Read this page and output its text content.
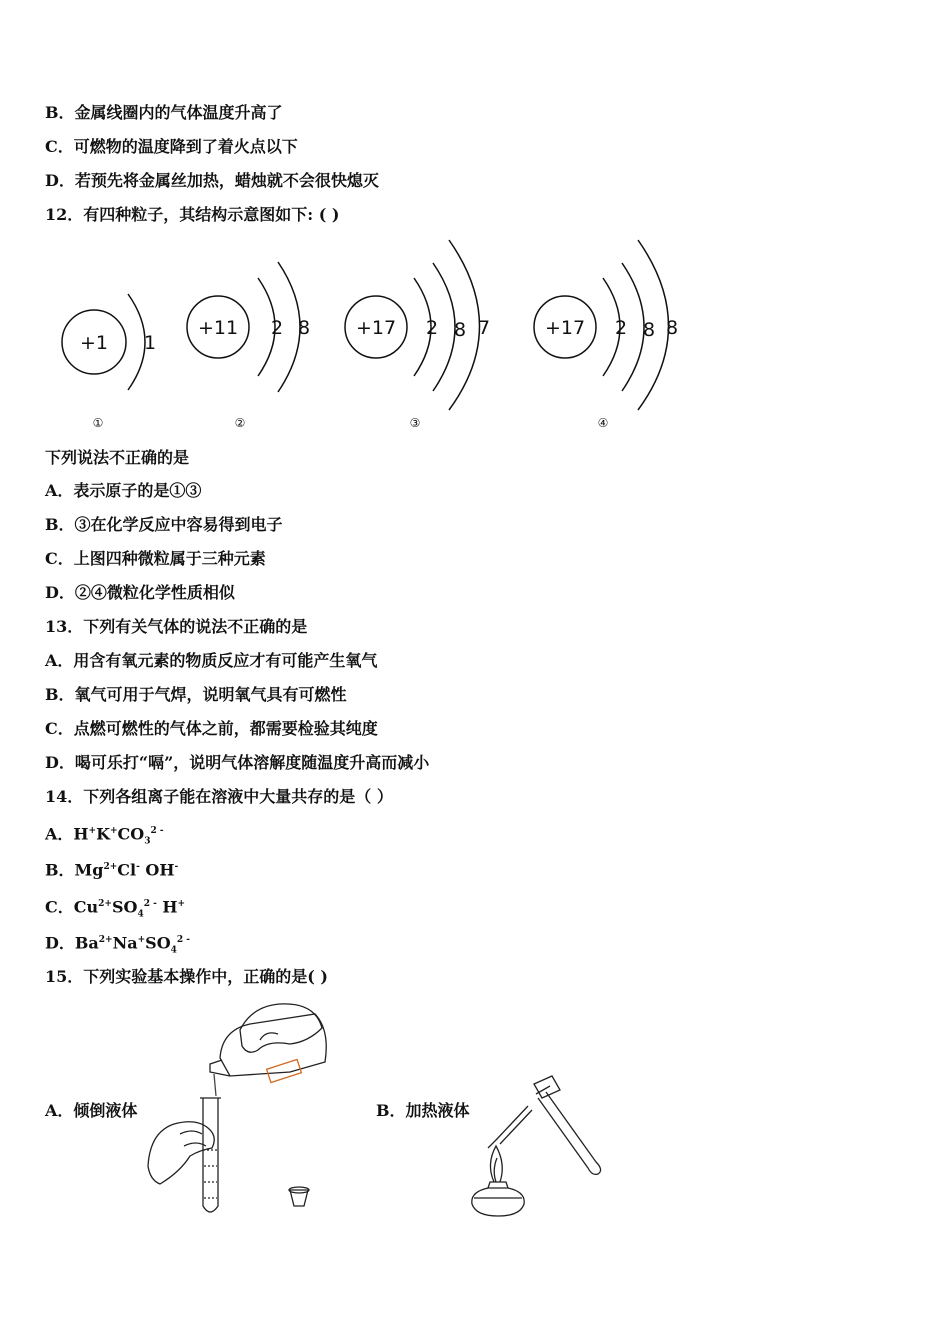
B．金属线圈内的气体温度升高了
C．可燃物的温度降到了着火点以下
D．若预先将金属丝加热，蜡烛就不会很快熄灭
12．有四种粒子，其结构示意图如下: ( )
+1 1
+11 2 8 +17 2 8 7	+17 2 8 8
①	②	③	④
下列说法不正确的是
A．表示原子的是①③
B．③在化学反应中容易得到电子
C．上图四种微粒属于三种元素
D．②④微粒化学性质相似
13．下列有关气体的说法不正确的是
A．用含有氧元素的物质反应才有可能产生氧气
B．氧气可用于气焊，说明氧气具有可燃性
C．点燃可燃性的气体之前，都需要检验其纯度
D．喝可乐打“嗝”，说明气体溶解度随温度升高而减小
14．下列各组离子能在溶液中大量共存的是（ ）
A．$H^+K^+CO_3^{2 -}$
B．$Mg^{2+}Cl^-$ OH-
C．$Cu^{2+}SO_4^{2 -}$ H+
D．$Ba^{2+}Na^+SO_4^{2 -}$
15．下列实验基本操作中，正确的是( )
A．倾倒液体	B．加热液体
